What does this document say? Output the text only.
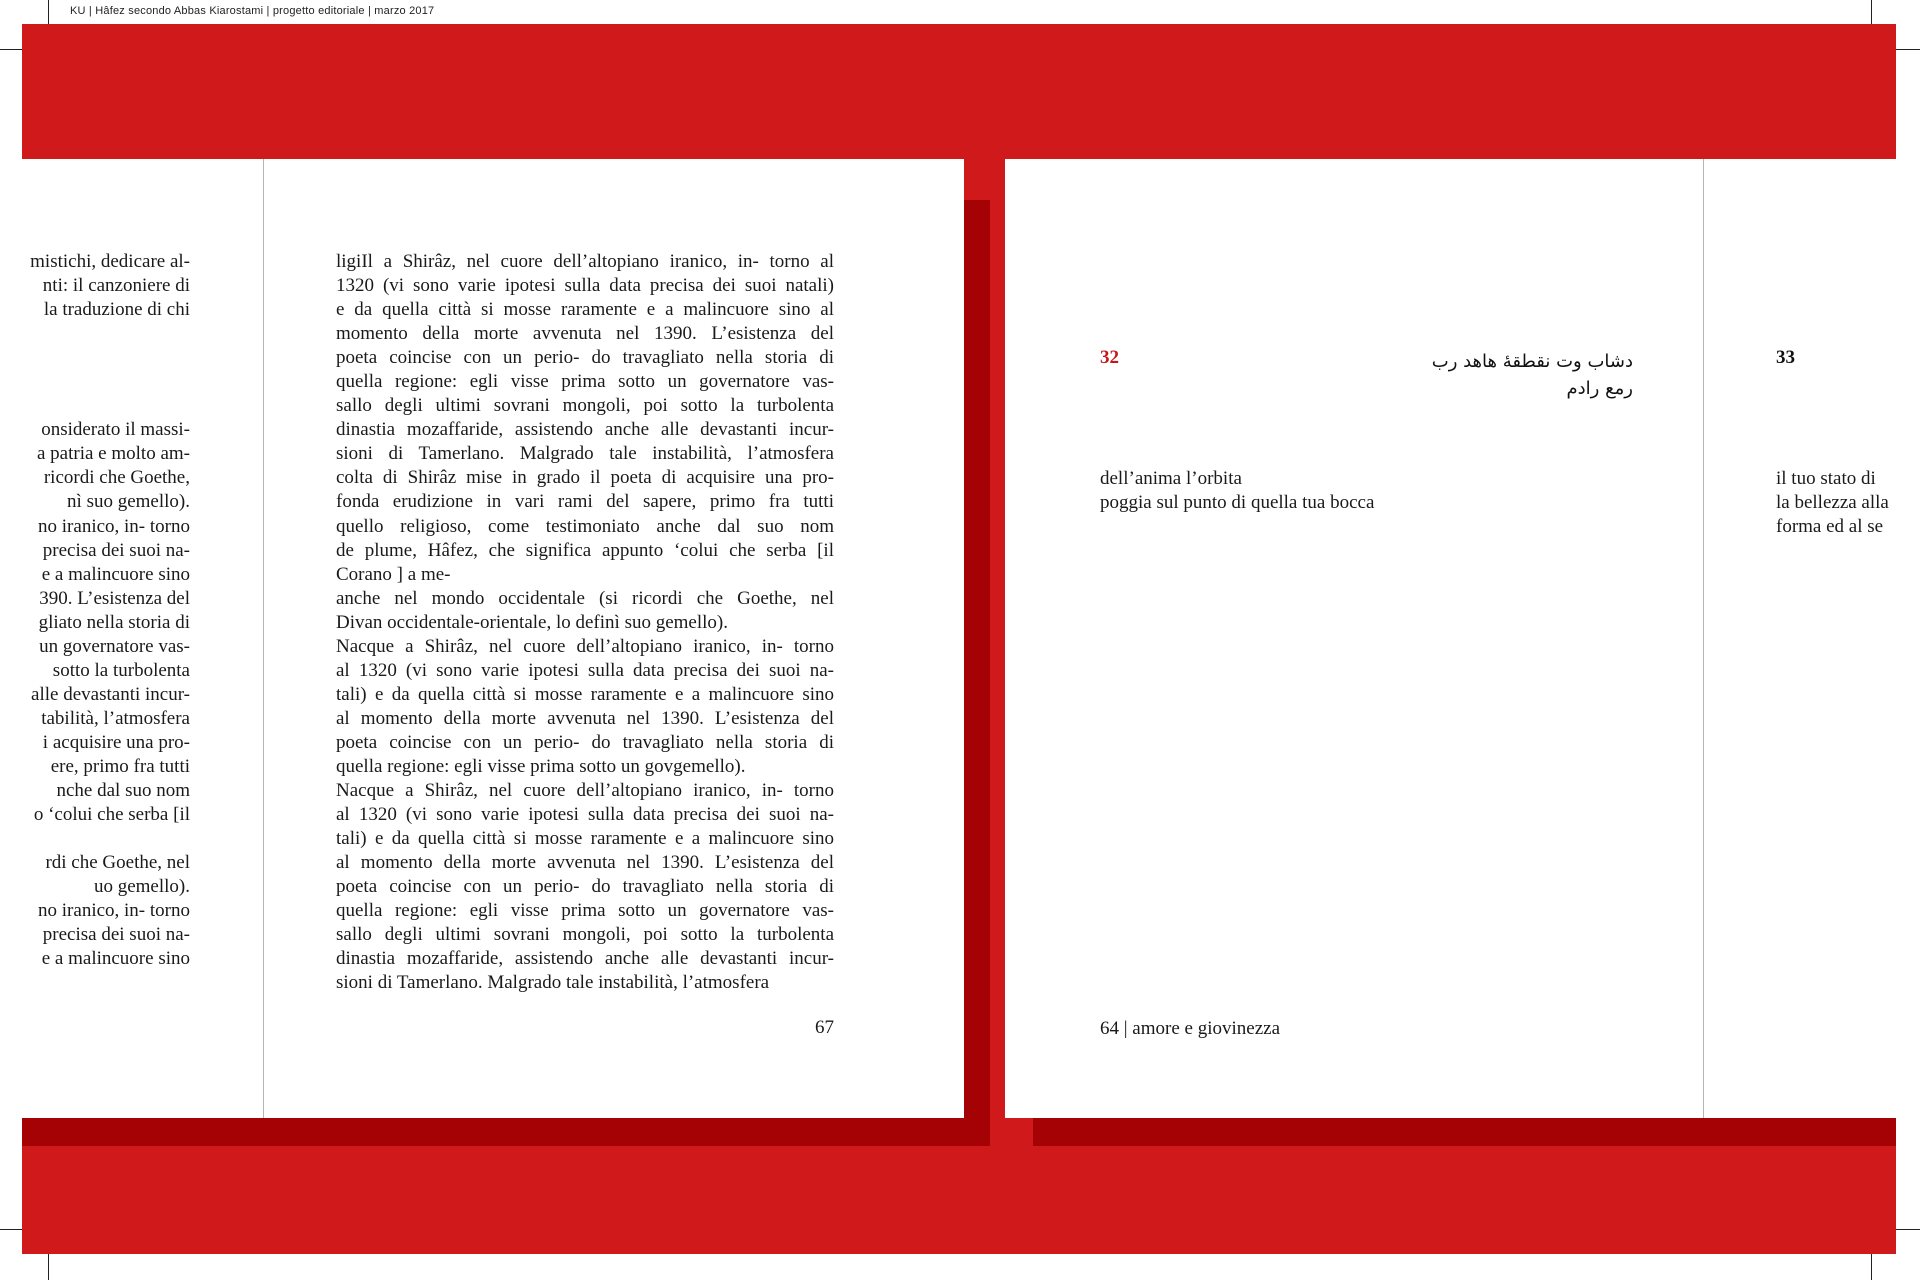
KU | Hâfez secondo Abbas Kiarostami | progetto editoriale | marzo 2017

mistichi, dedicare al-

nti: il canzoniere di

la traduzione di chi

onsiderato il massi-

a patria e molto am-

ricordi che Goethe,

nì suo gemello).

no iranico, in- torno

precisa dei suoi na-

e a malincuore sino

390. L’esistenza del

gliato nella storia di

un governatore vas-

sotto la turbolenta

alle devastanti incur-

tabilità, l’atmosfera

i acquisire una pro-

ere, primo fra tutti

nche dal suo nom

o ‘colui che serba [il

rdi che Goethe, nel

uo gemello).

no iranico, in- torno

precisa dei suoi na-

e a malincuore sino

ligiIl a Shirâz, nel cuore dell’altopiano iranico, in- torno al

1320 (vi sono varie ipotesi sulla data precisa dei suoi natali)

e da quella città si mosse raramente e a malincuore sino al

momento della morte avvenuta nel 1390. L’esistenza del

poeta coincise con un perio- do travagliato nella storia di

quella regione: egli visse prima sotto un governatore vas-

sallo degli ultimi sovrani mongoli, poi sotto la turbolenta

dinastia mozaffaride, assistendo anche alle devastanti incur-

sioni di Tamerlano. Malgrado tale instabilità, l’atmosfera

colta di Shirâz mise in grado il poeta di acquisire una pro-

fonda erudizione in vari rami del sapere, primo fra tutti

quello religioso, come testimoniato anche dal suo nom

de plume, Hâfez, che significa appunto ‘colui che serba [il

Corano ] a me-

anche nel mondo occidentale (si ricordi che Goethe, nel

Divan occidentale-orientale, lo definì suo gemello).

Nacque a Shirâz, nel cuore dell’altopiano iranico, in- torno

al 1320 (vi sono varie ipotesi sulla data precisa dei suoi na-

tali) e da quella città si mosse raramente e a malincuore sino

al momento della morte avvenuta nel 1390. L’esistenza del

poeta coincise con un perio- do travagliato nella storia di

quella regione: egli visse prima sotto un govgemello).

Nacque a Shirâz, nel cuore dell’altopiano iranico, in- torno

al 1320 (vi sono varie ipotesi sulla data precisa dei suoi na-

tali) e da quella città si mosse raramente e a malincuore sino

al momento della morte avvenuta nel 1390. L’esistenza del

poeta coincise con un perio- do travagliato nella storia di

quella regione: egli visse prima sotto un governatore vas-

sallo degli ultimi sovrani mongoli, poi sotto la turbolenta

dinastia mozaffaride, assistendo anche alle devastanti incur-

sioni di Tamerlano. Malgrado tale instabilità, l’atmosfera

67
32	دشاب وت نقطقهٔ هاهد رب

رمع رادم

dell’anima l’orbita

poggia sul punto di quella tua bocca

64 | amore e giovinezza
33

il tuo stato di

la bellezza alla

forma ed al se
